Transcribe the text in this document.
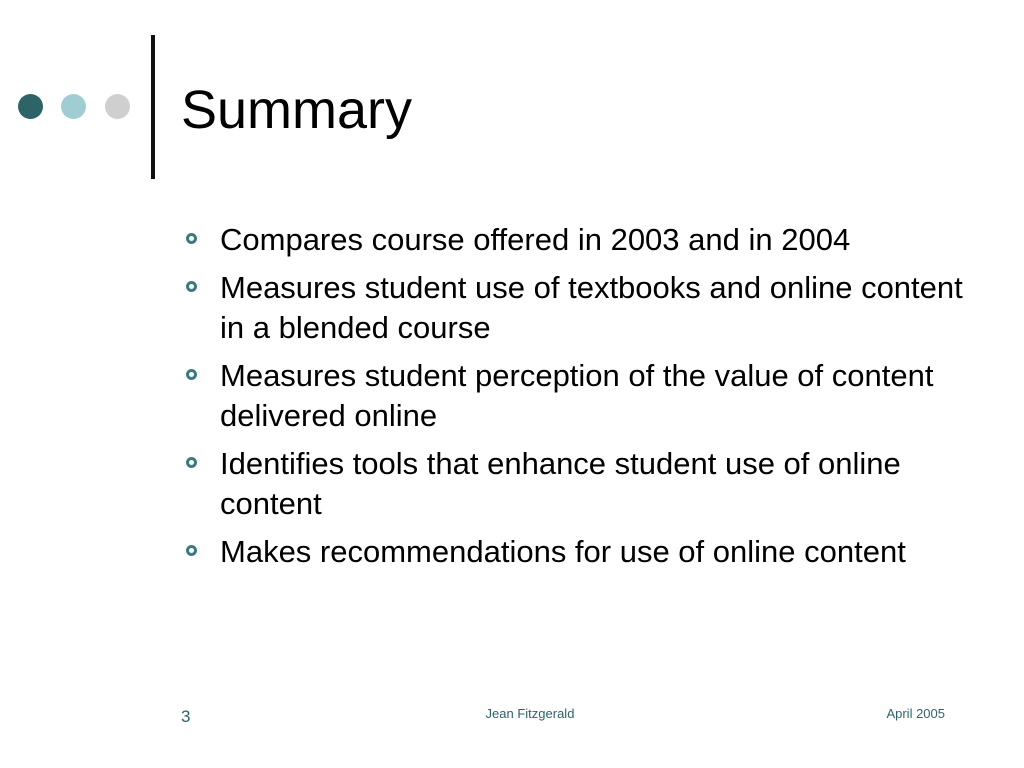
Summary
Compares course offered in 2003 and in 2004
Measures student use of textbooks and online content in a blended course
Measures student perception of the value of content delivered online
Identifies tools that enhance student use of online content
Makes recommendations for use of online content
3	Jean Fitzgerald	April 2005
